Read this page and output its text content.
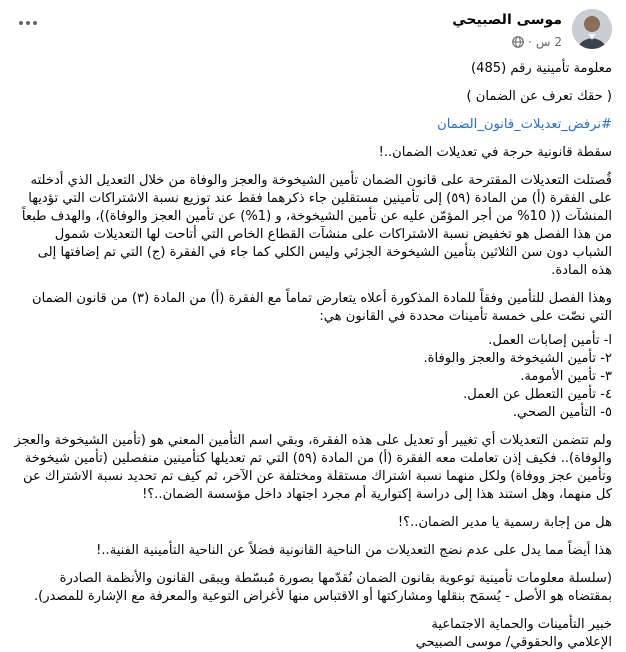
موسى الصبيحي
2 س
·

معلومة تأمينية رقم (485)

( حقك تعرف عن الضمان )

#نرفض_تعديلات_قانون_الضمان

سقطة قانونية حرجة في تعديلات الضمان..!

قُصتلت التعديلات المقترحة على قانون الضمان تأمين الشيخوخة والعجز والوفاة من خلال التعديل الذي أدخلته على الفقرة (أ) من المادة (٥٩) إلى تأمينين مستقلين جاء ذكرهما فقط عند توزيع نسبة الاشتراكات التي تؤديها المنشآت (( 10% من أجر المؤمّن عليه عن تأمين الشيخوخة، و (1%) عن تأمين العجز والوفاة))، والهدف طبعاً من هذا الفصل هو تخفيض نسبة الاشتراكات على منشآت القطاع الخاص التي أتاحت لها التعديلات شمول الشباب دون سن الثلاثين بتأمين الشيخوخة الجزئي وليس الكلي كما جاء في الفقرة (ج) التي تم إضافتها إلى هذه المادة.

وهذا الفصل للتأمين وفقاً للمادة المذكورة أعلاه يتعارض تماماً مع الفقرة (أ) من المادة (٣) من قانون الضمان التي نصّت على خمسة تأمينات محددة في القانون هي:

ا- تأمين إصابات العمل.

٢- تأمين الشيخوخة والعجز والوفاة.

٣- تأمين الأمومة.

٤- تأمين التعطل عن العمل.

٥- التأمين الصحي.

ولم تتضمن التعديلات أي تغيير أو تعديل على هذه الفقرة، وبقي اسم التأمين المعني هو (تأمين الشيخوخة والعجز والوفاة).. فكيف إذن تعاملت معه الفقرة (أ) من المادة (٥٩) التي تم تعديلها كتأمينين منفصلين (تأمين شيخوخة وتأمين عجز ووفاة) ولكل منهما نسبة اشتراك مستقلة ومختلفة عن الآخر، ثم كيف تم تحديد نسبة الاشتراك عن كل منهما، وهل استند هذا إلى دراسة إكتوارية أم مجرد اجتهاد داخل مؤسسة الضمان..؟!

هل من إجابة رسمية يا مدير الضمان..؟!

هذا أيضاً مما يدل على عدم نضج التعديلات من الناحية القانونية فضلاً عن الناحية التأمينية الفنية..!

(سلسلة معلومات تأمينية توعوية بقانون الضمان نُقدّمها بصورة مُبسّطة ويبقى القانون والأنظمة الصادرة بمقتضاه هو الأصل - يُسمَح بنقلها ومشاركتها أو الاقتباس منها لأغراض التوعية والمعرفة مع الإشارة للمصدر).

خبير التأمينات والحماية الاجتماعية

الإعلامي والحقوقي/ موسى الصبيحي
